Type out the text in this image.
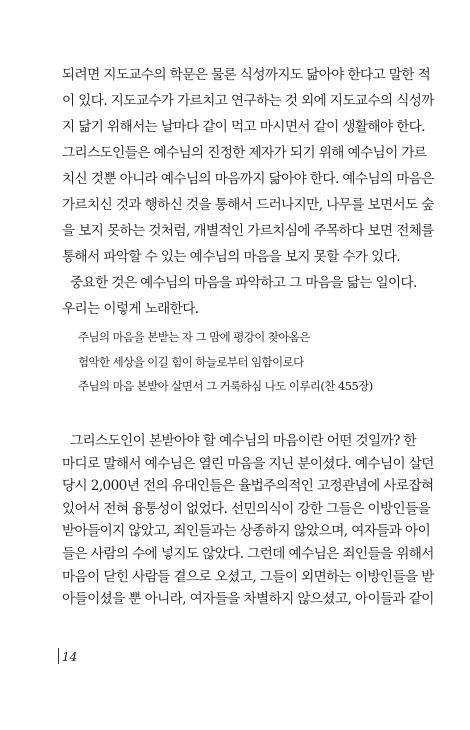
되려면 지도교수의 학문은 물론 식성까지도 닮아야 한다고 말한 적
이 있다. 지도교수가 가르치고 연구하는 것 외에 지도교수의 식성까
지 닮기 위해서는 날마다 같이 먹고 마시면서 같이 생활해야 한다.
그리스도인들은 예수님의 진정한 제자가 되기 위해 예수님이 가르
치신 것뿐 아니라 예수님의 마음까지 닮아야 한다. 예수님의 마음은
가르치신 것과 행하신 것을 통해서 드러나지만, 나무를 보면서도 숲
을 보지 못하는 것처럼, 개별적인 가르치심에 주목하다 보면 전체를
통해서 파악할 수 있는 예수님의 마음을 보지 못할 수가 있다.
중요한 것은 예수님의 마음을 파악하고 그 마음을 닮는 일이다.
우리는 이렇게 노래한다.
주님의 마음을 본받는 자 그 맘에 평강이 찾아옴은
험악한 세상을 이길 힘이 하늘로부터 임함이로다
주님의 마음 본받아 살면서 그 거룩하심 나도 이루리(찬 455장)
그리스도인이 본받아야 할 예수님의 마음이란 어떤 것일까? 한
마디로 말해서 예수님은 열린 마음을 지닌 분이셨다. 예수님이 살던
당시 2,000년 전의 유대인들은 율법주의적인 고정관념에 사로잡혀
있어서 전혀 융통성이 없었다. 선민의식이 강한 그들은 이방인들을
받아들이지 않았고, 죄인들과는 상종하지 않았으며, 여자들과 아이
들은 사람의 수에 넣지도 않았다. 그런데 예수님은 죄인들을 위해서
마음이 닫힌 사람들 곁으로 오셨고, 그들이 외면하는 이방인들을 받
아들이셨을 뿐 아니라, 여자들을 차별하지 않으셨고, 아이들과 같이
14
